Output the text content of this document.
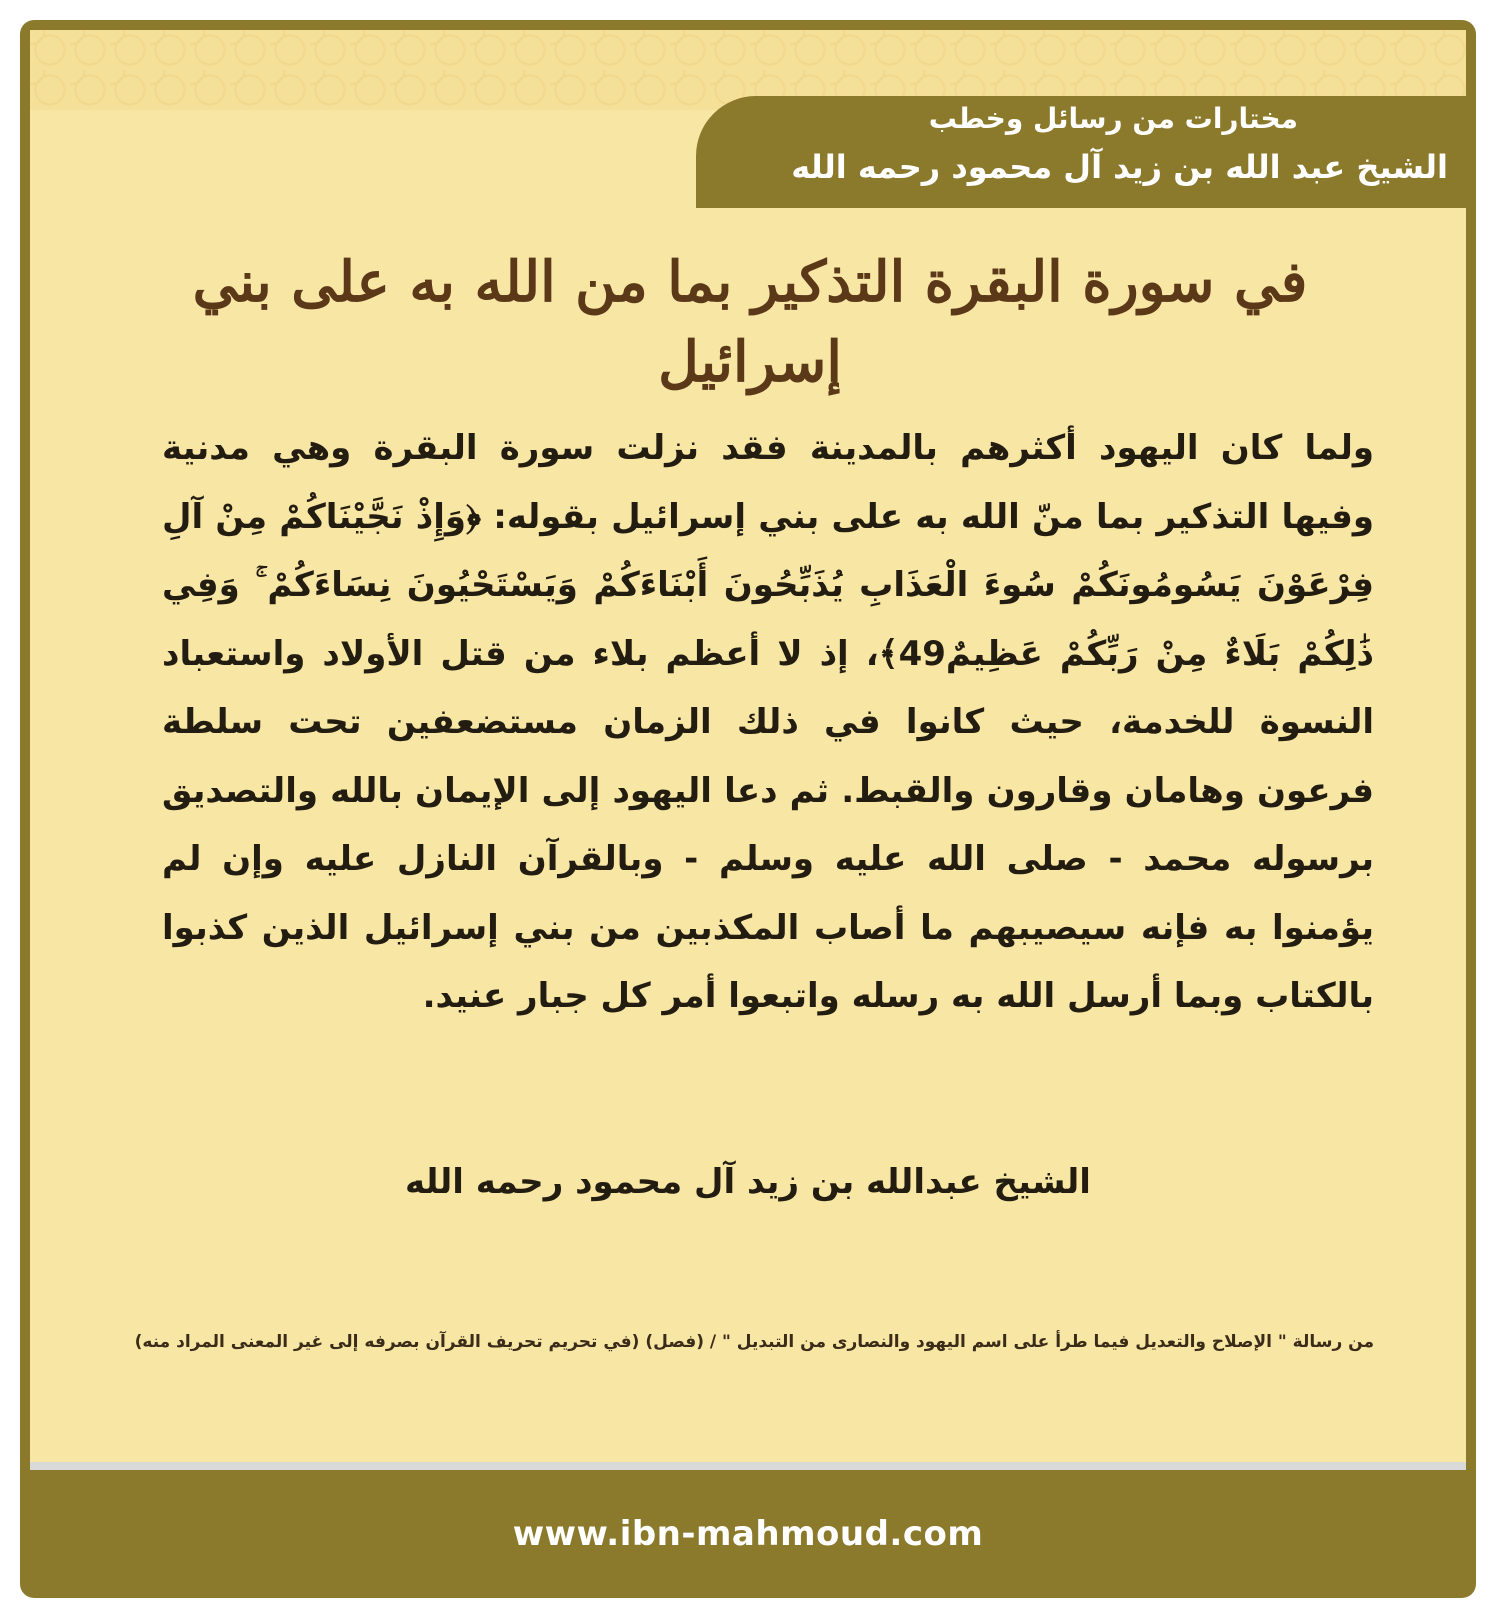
مختارات من رسائل وخطب
الشيخ عبد الله بن زيد آل محمود رحمه الله
في سورة البقرة التذكير بما من الله به على بني إسرائيل
ولما كان اليهود أكثرهم بالمدينة فقد نزلت سورة البقرة وهي مدنية وفيها التذكير بما منّ الله به على بني إسرائيل بقوله: ﴿وَإِذْ نَجَّيْنَاكُمْ مِنْ آلِ فِرْعَوْنَ يَسُومُونَكُمْ سُوءَ الْعَذَابِ يُذَبِّحُونَ أَبْنَاءَكُمْ وَيَسْتَحْيُونَ نِسَاءَكُمْ ۚ وَفِي ذَٰلِكُمْ بَلَاءٌ مِنْ رَبِّكُمْ عَظِيمٌ49﴾، إذ لا أعظم بلاء من قتل الأولاد واستعباد النسوة للخدمة، حيث كانوا في ذلك الزمان مستضعفين تحت سلطة فرعون وهامان وقارون والقبط. ثم دعا اليهود إلى الإيمان بالله والتصديق برسوله محمد - صلى الله عليه وسلم - وبالقرآن النازل عليه وإن لم يؤمنوا به فإنه سيصيبهم ما أصاب المكذبين من بني إسرائيل الذين كذبوا بالكتاب وبما أرسل الله به رسله واتبعوا أمر كل جبار عنيد.
الشيخ عبدالله بن زيد آل محمود رحمه الله
من رسالة " الإصلاح والتعديل فيما طرأ على اسم اليهود والنصارى من التبديل " / (فصل) (في تحريم تحريف القرآن بصرفه إلى غير المعنى المراد منه)
www.ibn-mahmoud.com
